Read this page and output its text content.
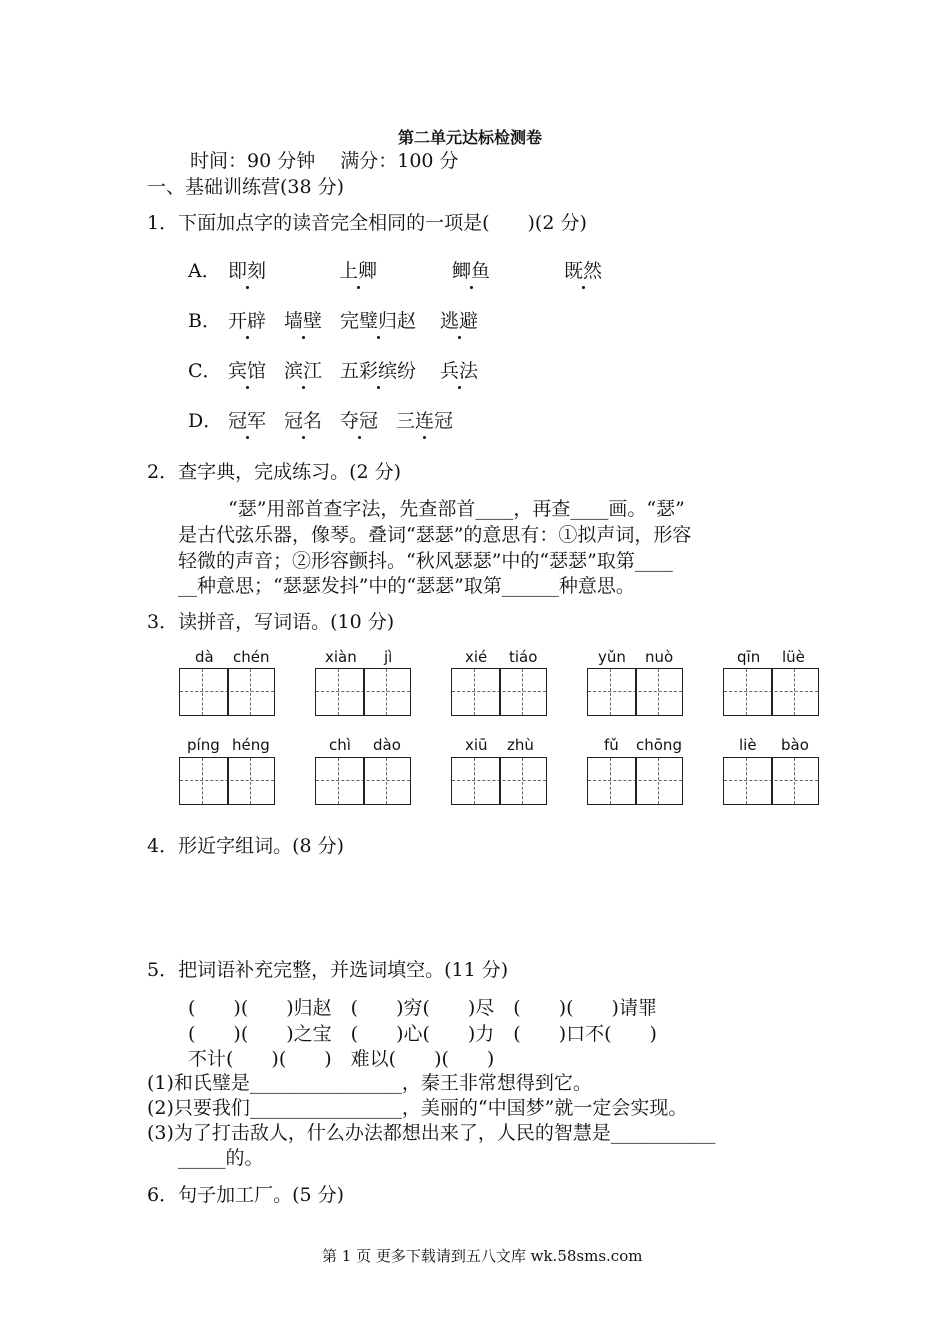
第二单元达标检测卷
时间：90 分钟　 满分：100 分
一、基础训练营(38 分)
1．下面加点字的读音完全相同的一项是(　　)(2 分)
A． 即刻	上卿	鲫鱼	既然
B． 开辟 墙壁 完璧归赵 逃避
C． 宾馆 滨江 五彩缤纷 兵法
D． 冠军 冠名 夺冠 三连冠
2．查字典，完成练习。(2 分)
“瑟”用部首查字法，先查部首____，再查____画。“瑟”
是古代弦乐器，像琴。叠词“瑟瑟”的意思有：①拟声词，形容
轻微的声音；②形容颤抖。“秋风瑟瑟”中的“瑟瑟”取第____
__种意思；“瑟瑟发抖”中的“瑟瑟”取第______种意思。
3．读拼音，写词语。(10 分)
dà chén	xiàn jì	xié tiáo	yǔn nuò	qīn lüè
píng héng	chì dào	xiū zhù	fǔ chōng	liè bào
4．形近字组词。(8 分)
5．把词语补充完整，并选词填空。(11 分)
(　　)(　　)归赵　(　　)穷(　　)尽　(　　)(　　)请罪
(　　)(　　)之宝　(　　)心(　　)力　(　　)口不(　　)
不计(　　)(　　)　难以(　　)(　　)
(1)和氏璧是________________，秦王非常想得到它。
(2)只要我们________________，美丽的“中国梦”就一定会实现。
(3)为了打击敌人，什么办法都想出来了，人民的智慧是___________
_____的。
6．句子加工厂。(5 分)
第 1 页 更多下载请到五八文库 wk.58sms.com
